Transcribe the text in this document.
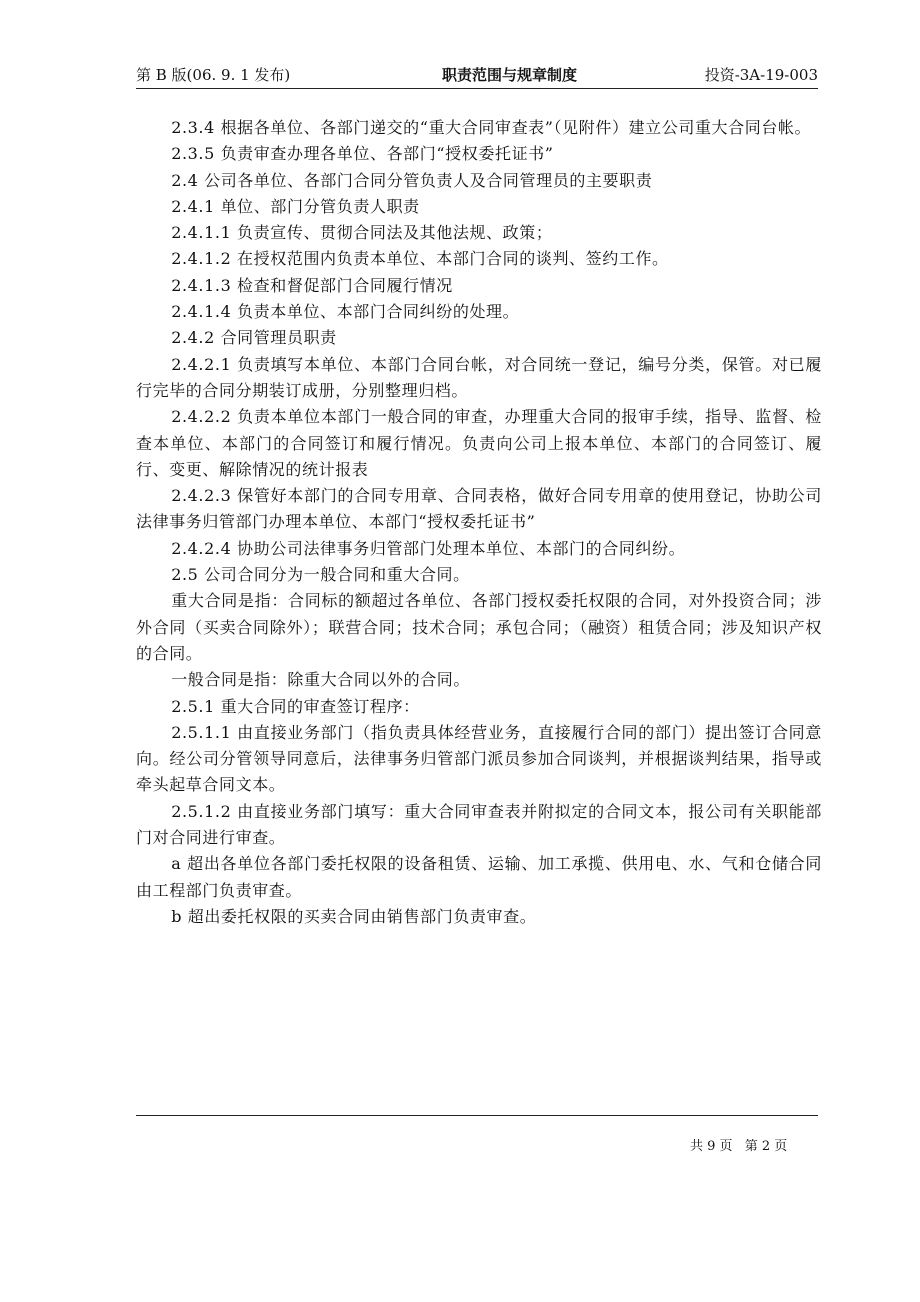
第 B 版(06. 9. 1 发布)	职责范围与规章制度	投资-3A-19-003

2.3.4 根据各单位、各部门递交的“重大合同审查表”（见附件）建立公司重大合同台帐。

2.3.5 负责审查办理各单位、各部门“授权委托证书”

2.4 公司各单位、各部门合同分管负责人及合同管理员的主要职责

2.4.1 单位、部门分管负责人职责

2.4.1.1 负责宣传、贯彻合同法及其他法规、政策；

2.4.1.2 在授权范围内负责本单位、本部门合同的谈判、签约工作。

2.4.1.3 检查和督促部门合同履行情况

2.4.1.4 负责本单位、本部门合同纠纷的处理。

2.4.2 合同管理员职责

2.4.2.1 负责填写本单位、本部门合同台帐，对合同统一登记，编号分类，保管。对已履行完毕的合同分期装订成册，分别整理归档。

2.4.2.2 负责本单位本部门一般合同的审查，办理重大合同的报审手续，指导、监督、检查本单位、本部门的合同签订和履行情况。负责向公司上报本单位、本部门的合同签订、履行、变更、解除情况的统计报表

2.4.2.3 保管好本部门的合同专用章、合同表格，做好合同专用章的使用登记，协助公司法律事务归管部门办理本单位、本部门“授权委托证书”

2.4.2.4 协助公司法律事务归管部门处理本单位、本部门的合同纠纷。

2.5 公司合同分为一般合同和重大合同。

重大合同是指：合同标的额超过各单位、各部门授权委托权限的合同，对外投资合同；涉外合同（买卖合同除外）；联营合同；技术合同；承包合同；（融资）租赁合同；涉及知识产权的合同。

一般合同是指：除重大合同以外的合同。

2.5.1 重大合同的审查签订程序：

2.5.1.1 由直接业务部门（指负责具体经营业务，直接履行合同的部门）提出签订合同意向。经公司分管领导同意后，法律事务归管部门派员参加合同谈判，并根据谈判结果，指导或牵头起草合同文本。

2.5.1.2 由直接业务部门填写：重大合同审查表并附拟定的合同文本，报公司有关职能部门对合同进行审查。

a 超出各单位各部门委托权限的设备租赁、运输、加工承揽、供用电、水、气和仓储合同由工程部门负责审查。

b 超出委托权限的买卖合同由销售部门负责审查。

共 9 页 第 2 页
